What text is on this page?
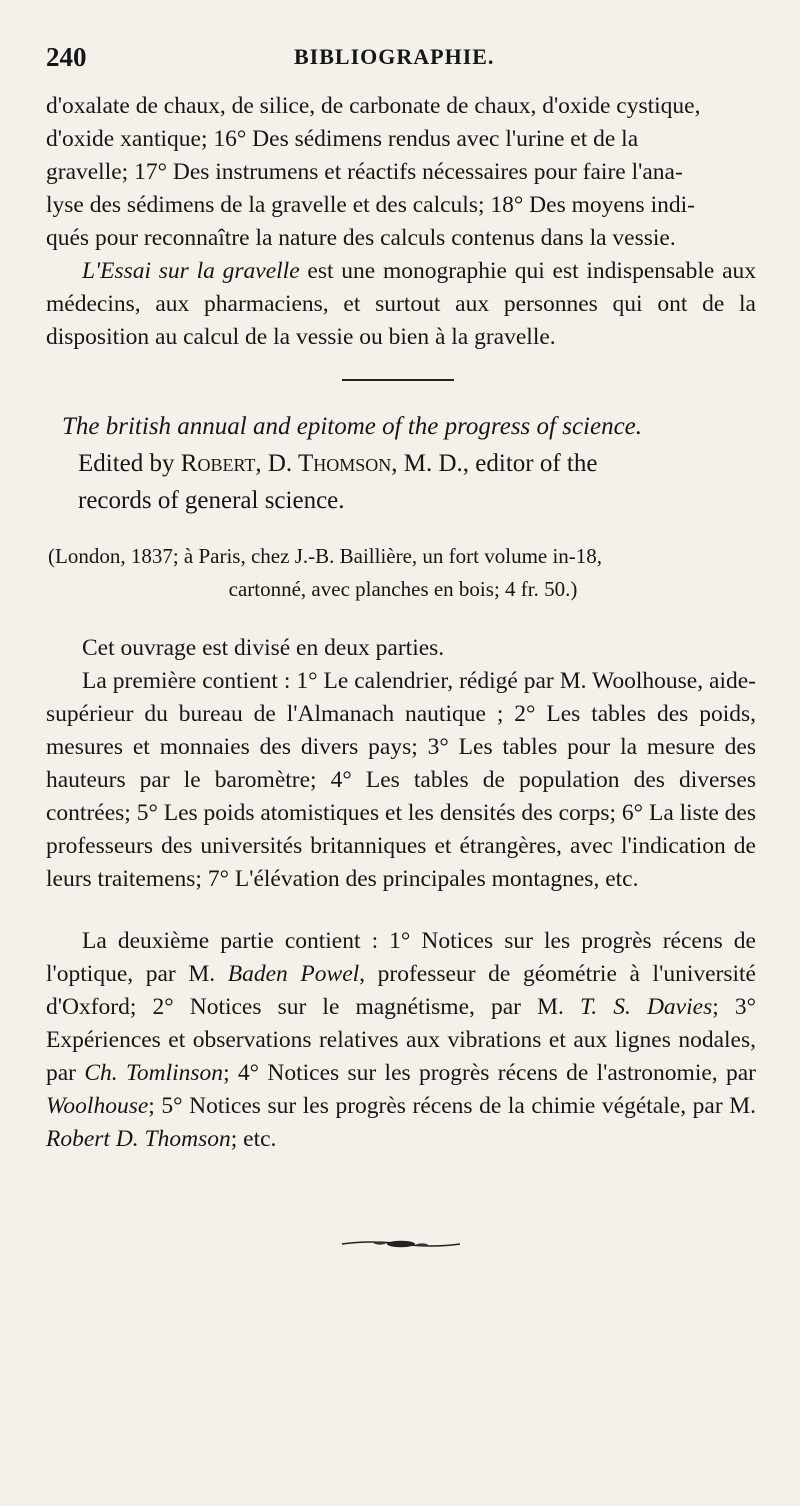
240	BIBLIOGRAPHIE.
d'oxalate de chaux, de silice, de carbonate de chaux, d'oxide cystique,
d'oxide xantique; 16° Des sédimens rendus avec l'urine et de la
gravelle; 17° Des instrumens et réactifs nécessaires pour faire l'ana-
lyse des sédimens de la gravelle et des calculs; 18° Des moyens indi-
qués pour reconnaître la nature des calculs contenus dans la vessie.

L'Essai sur la gravelle est une monographie qui est indispensable aux médecins, aux pharmaciens, et surtout aux personnes qui ont de la disposition au calcul de la vessie ou bien à la gravelle.

The british annual and epitome of the progress of science.
Edited by Robert, D. Thomson, M. D., editor of the
records of general science.
(London, 1837; à Paris, chez J.-B. Baillière, un fort volume in-18,
cartonné, avec planches en bois; 4 fr. 50.)

Cet ouvrage est divisé en deux parties.

La première contient : 1° Le calendrier, rédigé par M. Woolhouse, aide-supérieur du bureau de l'Almanach nautique ; 2° Les tables des poids, mesures et monnaies des divers pays; 3° Les tables pour la mesure des hauteurs par le baromètre; 4° Les tables de population des diverses contrées; 5° Les poids atomistiques et les densités des corps; 6° La liste des professeurs des universités britanniques et étrangères, avec l'indication de leurs traitemens; 7° L'élévation des principales montagnes, etc.

La deuxième partie contient : 1° Notices sur les progrès récens de l'optique, par M. Baden Powel, professeur de géométrie à l'université d'Oxford; 2° Notices sur le magnétisme, par M. T. S. Davies; 3° Expériences et observations relatives aux vibrations et aux lignes nodales, par Ch. Tomlinson; 4° Notices sur les progrès récens de l'astronomie, par Woolhouse; 5° Notices sur les progrès récens de la chimie végétale, par M. Robert D. Thomson; etc.
